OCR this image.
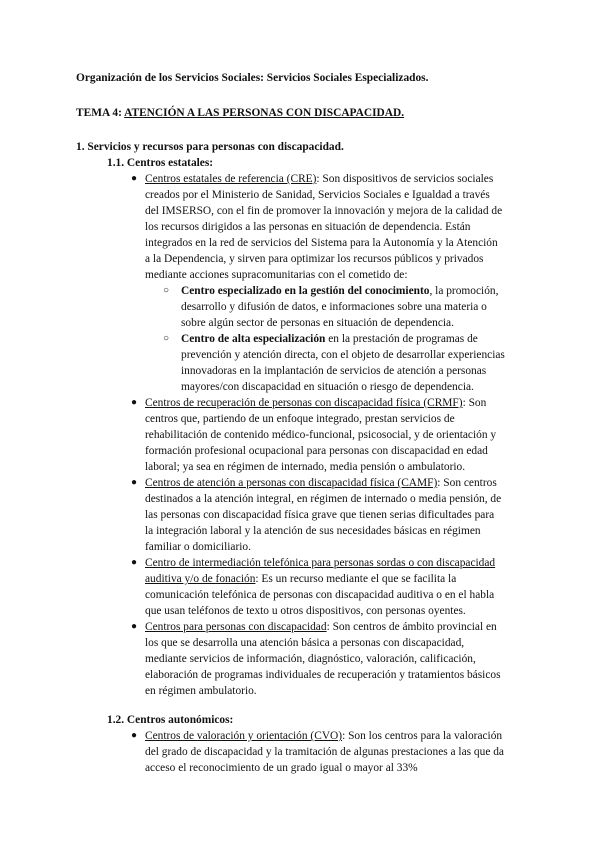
Organización de los Servicios Sociales: Servicios Sociales Especializados.
TEMA 4: ATENCIÓN A LAS PERSONAS CON DISCAPACIDAD.
1. Servicios y recursos para personas con discapacidad.
1.1. Centros estatales:
● Centros estatales de referencia (CRE): Son dispositivos de servicios sociales
creados por el Ministerio de Sanidad, Servicios Sociales e Igualdad a través
del IMSERSO, con el fin de promover la innovación y mejora de la calidad de
los recursos dirigidos a las personas en situación de dependencia. Están
integrados en la red de servicios del Sistema para la Autonomía y la Atención
a la Dependencia, y sirven para optimizar los recursos públicos y privados
mediante acciones supracomunitarias con el cometido de:
○ Centro especializado en la gestión del conocimiento, la promoción,
desarrollo y difusión de datos, e informaciones sobre una materia o
sobre algún sector de personas en situación de dependencia.
○ Centro de alta especialización en la prestación de programas de
prevención y atención directa, con el objeto de desarrollar experiencias
innovadoras en la implantación de servicios de atención a personas
mayores/con discapacidad en situación o riesgo de dependencia.
● Centros de recuperación de personas con discapacidad física (CRMF): Son
centros que, partiendo de un enfoque integrado, prestan servicios de
rehabilitación de contenido médico-funcional, psicosocial, y de orientación y
formación profesional ocupacional para personas con discapacidad en edad
laboral; ya sea en régimen de internado, media pensión o ambulatorio.
● Centros de atención a personas con discapacidad física (CAMF): Son centros
destinados a la atención integral, en régimen de internado o media pensión, de
las personas con discapacidad física grave que tienen serias dificultades para
la integración laboral y la atención de sus necesidades básicas en régimen
familiar o domiciliario.
● Centro de intermediación telefónica para personas sordas o con discapacidad
auditiva y/o de fonación: Es un recurso mediante el que se facilita la
comunicación telefónica de personas con discapacidad auditiva o en el habla
que usan teléfonos de texto u otros dispositivos, con personas oyentes.
● Centros para personas con discapacidad: Son centros de ámbito provincial en
los que se desarrolla una atención básica a personas con discapacidad,
mediante servicios de información, diagnóstico, valoración, calificación,
elaboración de programas individuales de recuperación y tratamientos básicos
en régimen ambulatorio.
1.2. Centros autonómicos:
● Centros de valoración y orientación (CVO): Son los centros para la valoración
del grado de discapacidad y la tramitación de algunas prestaciones a las que da
acceso el reconocimiento de un grado igual o mayor al 33%
